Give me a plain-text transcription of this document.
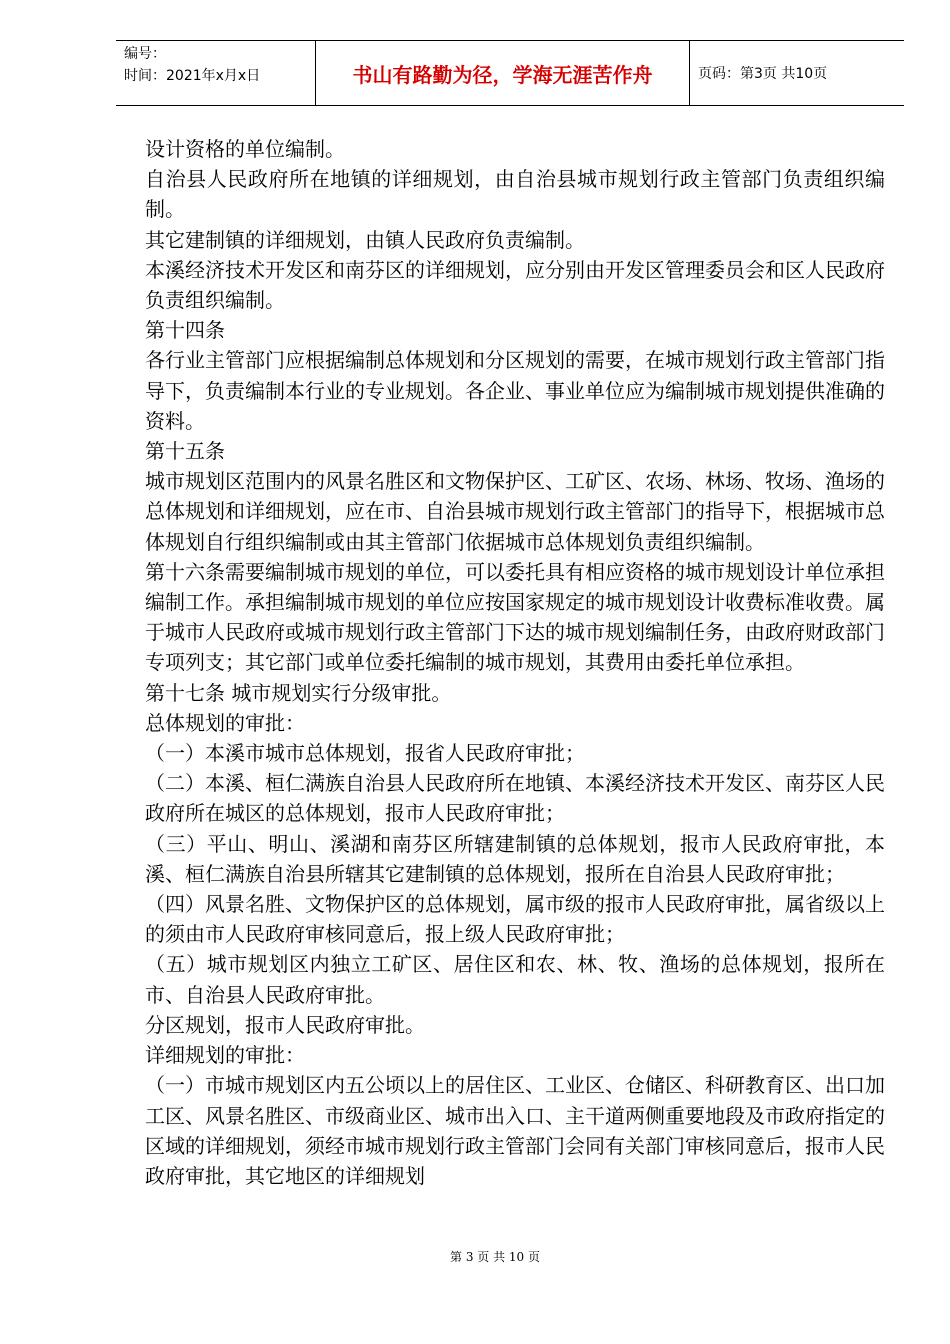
编号：
时间：2021年x月x日	书山有路勤为径，学海无涯苦作舟	页码：第3页 共10页

设计资格的单位编制。

自治县人民政府所在地镇的详细规划，由自治县城市规划行政主管部门负责组织编制。

其它建制镇的详细规划，由镇人民政府负责编制。

本溪经济技术开发区和南芬区的详细规划，应分别由开发区管理委员会和区人民政府负责组织编制。

第十四条

各行业主管部门应根据编制总体规划和分区规划的需要，在城市规划行政主管部门指导下，负责编制本行业的专业规划。各企业、事业单位应为编制城市规划提供准确的资料。

第十五条

城市规划区范围内的风景名胜区和文物保护区、工矿区、农场、林场、牧场、渔场的总体规划和详细规划，应在市、自治县城市规划行政主管部门的指导下，根据城市总体规划自行组织编制或由其主管部门依据城市总体规划负责组织编制。

第十六条需要编制城市规划的单位，可以委托具有相应资格的城市规划设计单位承担编制工作。承担编制城市规划的单位应按国家规定的城市规划设计收费标准收费。属于城市人民政府或城市规划行政主管部门下达的城市规划编制任务，由政府财政部门专项列支；其它部门或单位委托编制的城市规划，其费用由委托单位承担。

第十七条 城市规划实行分级审批。

总体规划的审批：

（一）本溪市城市总体规划，报省人民政府审批；

（二）本溪、桓仁满族自治县人民政府所在地镇、本溪经济技术开发区、南芬区人民政府所在城区的总体规划，报市人民政府审批；

（三）平山、明山、溪湖和南芬区所辖建制镇的总体规划，报市人民政府审批，本溪、桓仁满族自治县所辖其它建制镇的总体规划，报所在自治县人民政府审批；

（四）风景名胜、文物保护区的总体规划，属市级的报市人民政府审批，属省级以上的须由市人民政府审核同意后，报上级人民政府审批；

（五）城市规划区内独立工矿区、居住区和农、林、牧、渔场的总体规划，报所在市、自治县人民政府审批。

分区规划，报市人民政府审批。

详细规划的审批：

（一）市城市规划区内五公顷以上的居住区、工业区、仓储区、科研教育区、出口加工区、风景名胜区、市级商业区、城市出入口、主干道两侧重要地段及市政府指定的区域的详细规划，须经市城市规划行政主管部门会同有关部门审核同意后，报市人民政府审批，其它地区的详细规划

第 3 页 共 10 页
